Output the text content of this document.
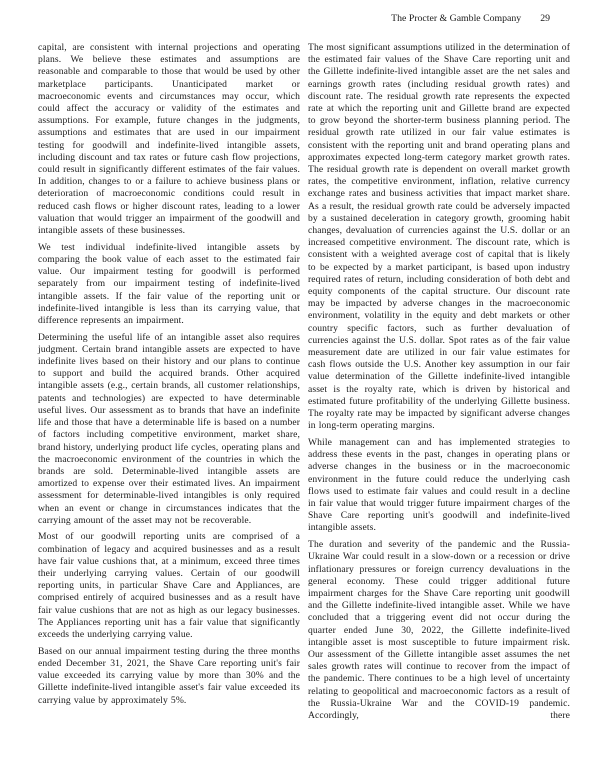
The Procter & Gamble Company 29

capital, are consistent with internal projections and operating plans. We believe these estimates and assumptions are reasonable and comparable to those that would be used by other marketplace participants. Unanticipated market or macroeconomic events and circumstances may occur, which could affect the accuracy or validity of the estimates and assumptions. For example, future changes in the judgments, assumptions and estimates that are used in our impairment testing for goodwill and indefinite-lived intangible assets, including discount and tax rates or future cash flow projections, could result in significantly different estimates of the fair values. In addition, changes to or a failure to achieve business plans or deterioration of macroeconomic conditions could result in reduced cash flows or higher discount rates, leading to a lower valuation that would trigger an impairment of the goodwill and intangible assets of these businesses.

We test individual indefinite-lived intangible assets by comparing the book value of each asset to the estimated fair value. Our impairment testing for goodwill is performed separately from our impairment testing of indefinite-lived intangible assets. If the fair value of the reporting unit or indefinite-lived intangible is less than its carrying value, that difference represents an impairment.

Determining the useful life of an intangible asset also requires judgment. Certain brand intangible assets are expected to have indefinite lives based on their history and our plans to continue to support and build the acquired brands. Other acquired intangible assets (e.g., certain brands, all customer relationships, patents and technologies) are expected to have determinable useful lives. Our assessment as to brands that have an indefinite life and those that have a determinable life is based on a number of factors including competitive environment, market share, brand history, underlying product life cycles, operating plans and the macroeconomic environment of the countries in which the brands are sold. Determinable-lived intangible assets are amortized to expense over their estimated lives. An impairment assessment for determinable-lived intangibles is only required when an event or change in circumstances indicates that the carrying amount of the asset may not be recoverable.

Most of our goodwill reporting units are comprised of a combination of legacy and acquired businesses and as a result have fair value cushions that, at a minimum, exceed three times their underlying carrying values. Certain of our goodwill reporting units, in particular Shave Care and Appliances, are comprised entirely of acquired businesses and as a result have fair value cushions that are not as high as our legacy businesses. The Appliances reporting unit has a fair value that significantly exceeds the underlying carrying value.

Based on our annual impairment testing during the three months ended December 31, 2021, the Shave Care reporting unit's fair value exceeded its carrying value by more than 30% and the Gillette indefinite-lived intangible asset's fair value exceeded its carrying value by approximately 5%.

The most significant assumptions utilized in the determination of the estimated fair values of the Shave Care reporting unit and the Gillette indefinite-lived intangible asset are the net sales and earnings growth rates (including residual growth rates) and discount rate. The residual growth rate represents the expected rate at which the reporting unit and Gillette brand are expected to grow beyond the shorter-term business planning period. The residual growth rate utilized in our fair value estimates is consistent with the reporting unit and brand operating plans and approximates expected long-term category market growth rates. The residual growth rate is dependent on overall market growth rates, the competitive environment, inflation, relative currency exchange rates and business activities that impact market share. As a result, the residual growth rate could be adversely impacted by a sustained deceleration in category growth, grooming habit changes, devaluation of currencies against the U.S. dollar or an increased competitive environment. The discount rate, which is consistent with a weighted average cost of capital that is likely to be expected by a market participant, is based upon industry required rates of return, including consideration of both debt and equity components of the capital structure. Our discount rate may be impacted by adverse changes in the macroeconomic environment, volatility in the equity and debt markets or other country specific factors, such as further devaluation of currencies against the U.S. dollar. Spot rates as of the fair value measurement date are utilized in our fair value estimates for cash flows outside the U.S. Another key assumption in our fair value determination of the Gillette indefinite-lived intangible asset is the royalty rate, which is driven by historical and estimated future profitability of the underlying Gillette business. The royalty rate may be impacted by significant adverse changes in long-term operating margins.

While management can and has implemented strategies to address these events in the past, changes in operating plans or adverse changes in the business or in the macroeconomic environment in the future could reduce the underlying cash flows used to estimate fair values and could result in a decline in fair value that would trigger future impairment charges of the Shave Care reporting unit's goodwill and indefinite-lived intangible assets.

The duration and severity of the pandemic and the Russia-Ukraine War could result in a slow-down or a recession or drive inflationary pressures or foreign currency devaluations in the general economy. These could trigger additional future impairment charges for the Shave Care reporting unit goodwill and the Gillette indefinite-lived intangible asset. While we have concluded that a triggering event did not occur during the quarter ended June 30, 2022, the Gillette indefinite-lived intangible asset is most susceptible to future impairment risk. Our assessment of the Gillette intangible asset assumes the net sales growth rates will continue to recover from the impact of the pandemic. There continues to be a high level of uncertainty relating to geopolitical and macroeconomic factors as a result of the Russia-Ukraine War and the COVID-19 pandemic. Accordingly, there
